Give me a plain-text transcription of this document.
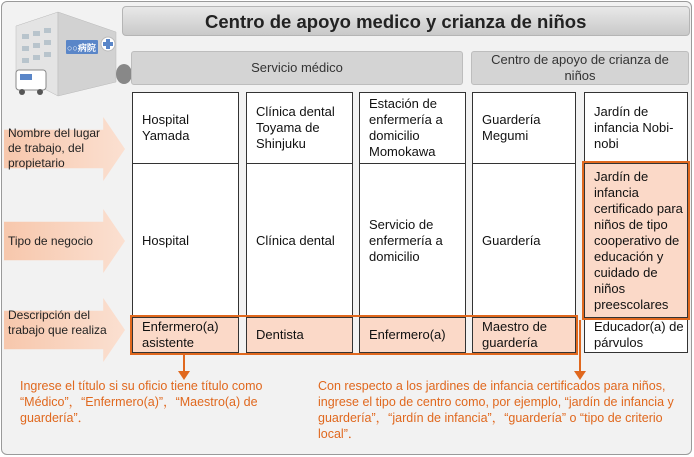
○○病院
Centro de apoyo medico y crianza de niños
Servicio médico
Centro de apoyo de crianza de niños
Nombre del lugar de trabajo, del propietario
Tipo de negocio
Descripción del trabajo que realiza
Hospital Yamada
Hospital
Enfermero(a) asistente
Clínica dental Toyama de Shinjuku
Clínica dental
Dentista
Estación de enfermería a domicilio Momokawa
Servicio de enfermería a domicilio
Enfermero(a)
Guardería Megumi
Guardería
Maestro de guardería
Jardín de infancia Nobi-nobi
Jardín de infancia certificado para niños de tipo cooperativo de educación y cuidado de niños preescolares
Educador(a) de párvulos
Ingrese el título si su oficio tiene título como “Médico”，“Enfermero(a)”，“Maestro(a) de guardería”．
Con respecto a los jardines de infancia certificados para niños, ingrese el tipo de centro como, por ejemplo, “jardín de infancia y guardería”，“jardín de infancia”，“guardería” o “tipo de criterio local”．
